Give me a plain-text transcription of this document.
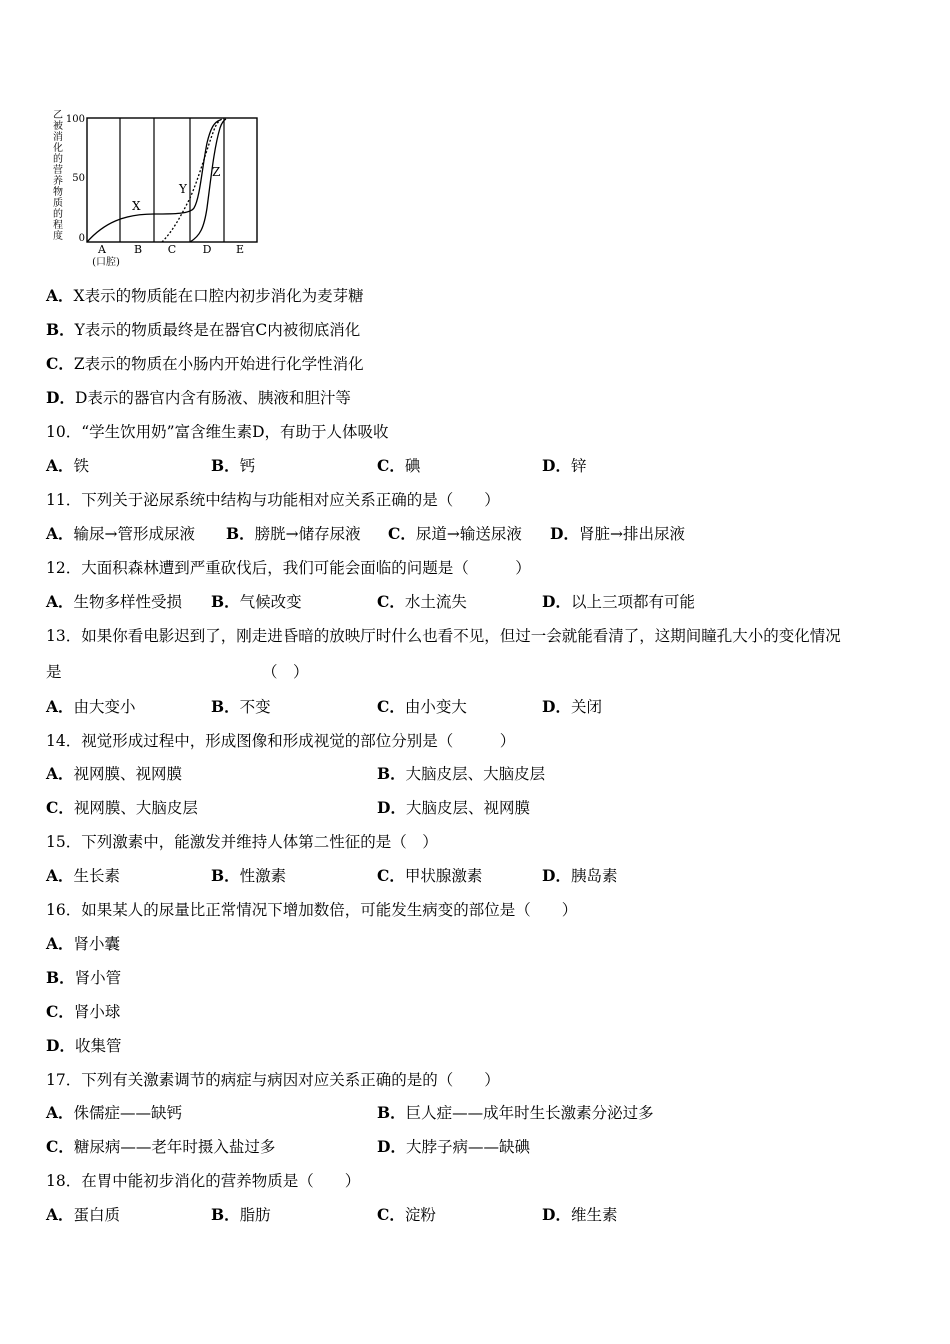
乙
被
消
化
的
营
养
物
质
的
程
度
100
50
0
X
Y
Z
A	B C D E
(口腔)
A．X表示的物质能在口腔内初步消化为麦芽糖
B．Y表示的物质最终是在器官C内被彻底消化
C．Z表示的物质在小肠内开始进行化学性消化
D．D表示的器官内含有肠液、胰液和胆汁等
10．“学生饮用奶”富含维生素D，有助于人体吸收
A．铁	B．钙	C．碘	D．锌
11．下列关于泌尿系统中结构与功能相对应关系正确的是（　　）
A．输尿→管形成尿液 B．膀胱→储存尿液 C．尿道→输送尿液 D．肾脏→排出尿液
12．大面积森林遭到严重砍伐后，我们可能会面临的问题是（　　　）
A．生物多样性受损 B．气候改变	C．水土流失	D．以上三项都有可能
13．如果你看电影迟到了，刚走进昏暗的放映厅时什么也看不见，但过一会就能看清了，这期间瞳孔大小的变化情况
是	（　）
A．由大变小	B．不变	C．由小变大	D．关闭
14．视觉形成过程中，形成图像和形成视觉的部位分别是（　　　）
A．视网膜、视网膜	B．大脑皮层、大脑皮层
C．视网膜、大脑皮层	D．大脑皮层、视网膜
15．下列激素中，能激发并维持人体第二性征的是（　）
A．生长素	B．性激素	C．甲状腺激素	D．胰岛素
16．如果某人的尿量比正常情况下增加数倍，可能发生病变的部位是（　　）
A．肾小囊
B．肾小管
C．肾小球
D．收集管
17．下列有关激素调节的病症与病因对应关系正确的是的（　　）
A．侏儒症——缺钙	B．巨人症——成年时生长激素分泌过多
C．糖尿病——老年时摄入盐过多	D．大脖子病——缺碘
18．在胃中能初步消化的营养物质是（　　）
A．蛋白质	B．脂肪	C．淀粉	D．维生素
